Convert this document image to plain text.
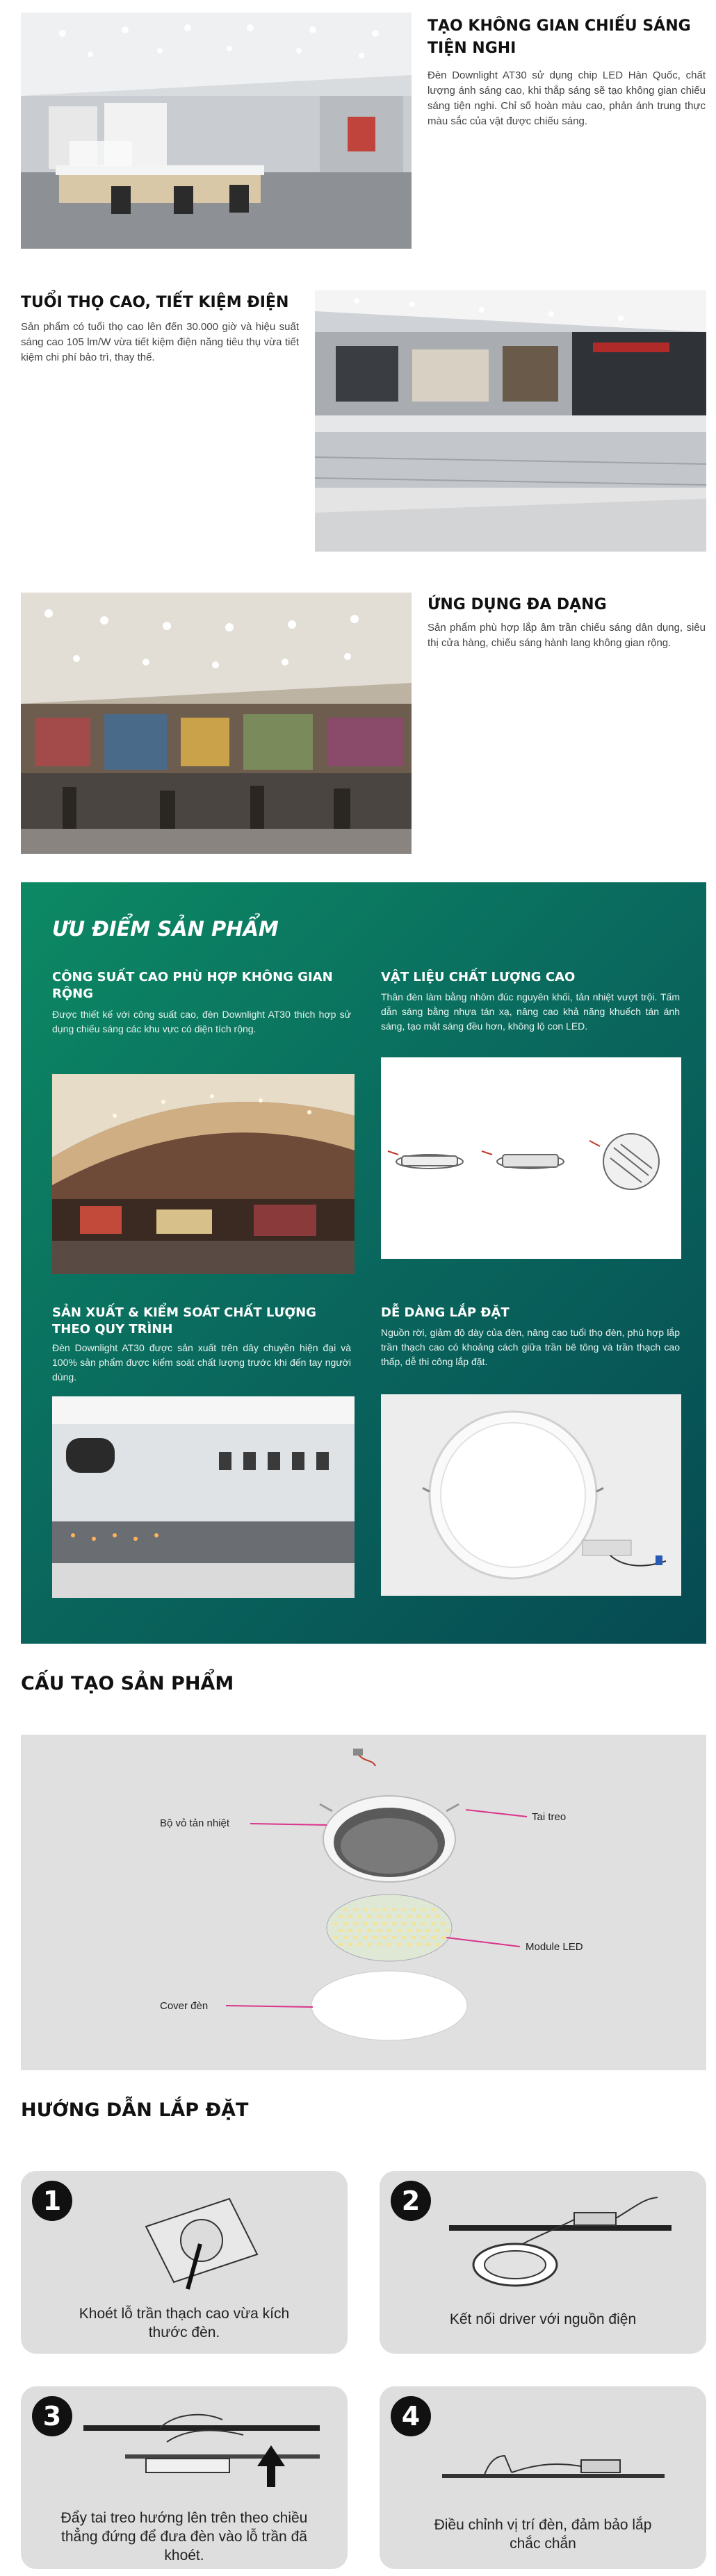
TẠO KHÔNG GIAN CHIẾU SÁNG TIỆN NGHI

Đèn Downlight AT30 sử dụng chip LED Hàn Quốc, chất lượng ánh sáng cao, khi thắp sáng sẽ tạo không gian chiếu sáng tiện nghi. Chỉ số hoàn màu cao, phản ánh trung thực màu sắc của vật được chiếu sáng.

TUỔI THỌ CAO, TIẾT KIỆM ĐIỆN

Sản phẩm có tuổi thọ cao lên đến 30.000 giờ và hiệu suất sáng cao 105 lm/W vừa tiết kiệm điện năng tiêu thụ vừa tiết kiệm chi phí bảo trì, thay thế.

ỨNG DỤNG ĐA DẠNG

Sản phẩm phù hợp lắp âm trần chiếu sáng dân dụng, siêu thị cửa hàng, chiếu sáng hành lang không gian rộng.

ƯU ĐIỂM SẢN PHẨM
CÔNG SUẤT CAO PHÙ HỢP KHÔNG GIAN RỘNG

Được thiết kế với công suất cao, đèn Downlight AT30 thích hợp sử dụng chiếu sáng các khu vực có diện tích rộng.

VẬT LIỆU CHẤT LƯỢNG CAO

Thân đèn làm bằng nhôm đúc nguyên khối, tản nhiệt vượt trội. Tấm dẫn sáng bằng nhựa tán xạ, nâng cao khả năng khuếch tán ánh sáng, tạo mặt sáng đều hơn, không lộ con LED.

SẢN XUẤT & KIỂM SOÁT CHẤT LƯỢNG THEO QUY TRÌNH

Đèn Downlight AT30 được sản xuất trên dây chuyền hiện đại và 100% sản phẩm được kiểm soát chất lượng trước khi đến tay người dùng.

DỄ DÀNG LẮP ĐẶT

Nguồn rời, giảm độ dày của đèn, nâng cao tuổi thọ đèn, phù hợp lắp trần thạch cao có khoảng cách giữa trần bê tông và trần thạch cao thấp, dễ thi công lắp đặt.

CẤU TẠO SẢN PHẨM
Bộ vỏ tản nhiệt
Tai treo
Module LED
Cover đèn
HƯỚNG DẪN LẮP ĐẶT
1

Khoét lỗ trần thạch cao vừa kích thước đèn.

2

Kết nối driver với nguồn điện

3

Đẩy tai treo hướng lên trên theo chiều thẳng đứng để đưa đèn vào lỗ trần đã khoét.

4

Điều chỉnh vị trí đèn, đảm bảo lắp chắc chắn
